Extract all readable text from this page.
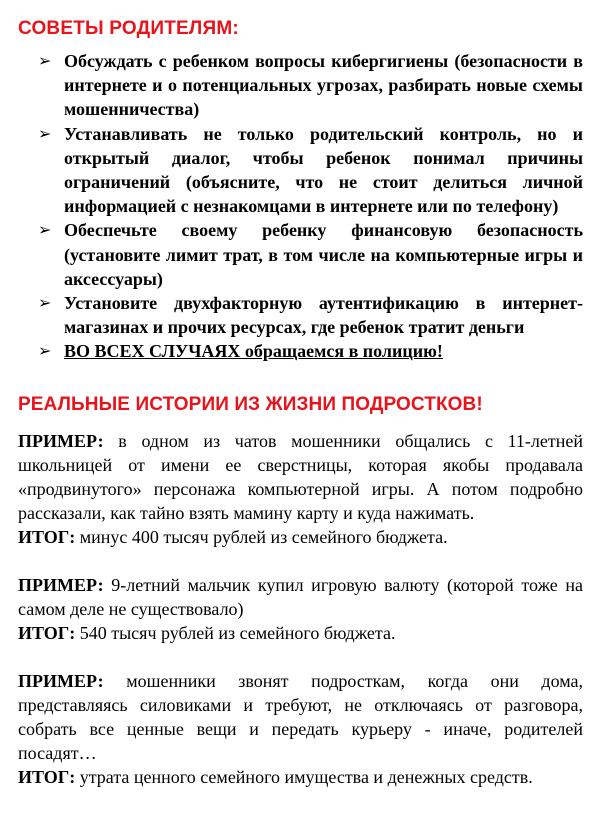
СОВЕТЫ РОДИТЕЛЯМ:
➢ Обсуждать с ребенком вопросы кибергигиены (безопасности в интернете и о потенциальных угрозах, разбирать новые схемы мошенничества)
➢ Устанавливать не только родительский контроль, но и открытый диалог, чтобы ребенок понимал причины ограничений (объясните, что не стоит делиться личной информацией с незнакомцами в интернете или по телефону)
➢ Обеспечьте своему ребенку финансовую безопасность (установите лимит трат, в том числе на компьютерные игры и аксессуары)
➢ Установите двухфакторную аутентификацию в интернет-магазинах и прочих ресурсах, где ребенок тратит деньги
➢ ВО ВСЕХ СЛУЧАЯХ обращаемся в полицию!
РЕАЛЬНЫЕ ИСТОРИИ ИЗ ЖИЗНИ ПОДРОСТКОВ!

ПРИМЕР: в одном из чатов мошенники общались с 11-летней школьницей от имени ее сверстницы, которая якобы продавала «продвинутого» персонажа компьютерной игры. А потом подробно рассказали, как тайно взять мамину карту и куда нажимать.

ИТОГ: минус 400 тысяч рублей из семейного бюджета.

ПРИМЕР: 9-летний мальчик купил игровую валюту (которой тоже на самом деле не существовало)

ИТОГ: 540 тысяч рублей из семейного бюджета.

ПРИМЕР: мошенники звонят подросткам, когда они дома, представляясь силовиками и требуют, не отключаясь от разговора, собрать все ценные вещи и передать курьеру - иначе, родителей посадят…

ИТОГ: утрата ценного семейного имущества и денежных средств.
